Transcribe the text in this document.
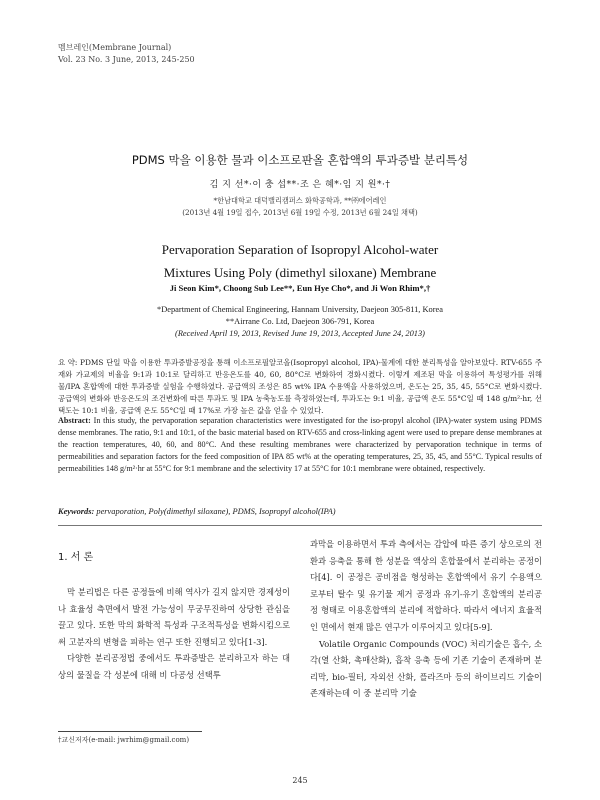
멤브레인(Membrane Journal)
Vol. 23 No. 3 June, 2013, 245-250
PDMS 막을 이용한 물과 이소프로판올 혼합액의 투과증발 분리특성
김 지 선*·이 충 섭**·조 은 혜*·임 지 원*·†
*한남대학교 대덕밸리캠퍼스 화학공학과, **㈜에어레인
(2013년 4월 19일 접수, 2013년 6월 19일 수정, 2013년 6월 24일 채택)
Pervaporation Separation of Isopropyl Alcohol-water
Mixtures Using Poly (dimethyl siloxane) Membrane
Ji Seon Kim*, Choong Sub Lee**, Eun Hye Cho*, and Ji Won Rhim*,†
*Department of Chemical Engineering, Hannam University, Daejeon 305-811, Korea
**Airrane Co. Ltd, Daejeon 306-791, Korea
(Received April 19, 2013, Revised June 19, 2013, Accepted June 24, 2013)
요 약: PDMS 단일 막을 이용한 투과증발공정을 통해 이소프로필알코올(Isopropyl alcohol, IPA)-물계에 대한 분리특성을 알아보았다. RTV-655 주재와 가교제의 비율을 9:1과 10:1로 달리하고 반응온도를 40, 60, 80°C로 변화하여 경화시켰다. 이렇게 제조된 막을 이용하여 특성평가를 위해 물/IPA 혼합액에 대한 투과증발 실험을 수행하였다. 공급액의 조성은 85 wt% IPA 수용액을 사용하였으며, 온도는 25, 35, 45, 55°C로 변화시켰다. 공급액의 변화와 반응온도의 조건변화에 따른 투과도 및 IPA 농축농도를 측정하였는데, 투과도는 9:1 비율, 공급액 온도 55°C일 때 148 g/m²·hr, 선택도는 10:1 비율, 공급액 온도 55°C일 때 17%로 가장 높은 값을 얻을 수 있었다.
Abstract: In this study, the pervaporation separation characteristics were investigated for the iso-propyl alcohol (IPA)-water system using PDMS dense membranes. The ratio, 9:1 and 10:1, of the basic material based on RTV-655 and cross-linking agent were used to prepare dense membranes at the reaction temperatures, 40, 60, and 80°C. And these resulting membranes were characterized by pervaporation technique in terms of permeabilities and separation factors for the feed composition of IPA 85 wt% at the operating temperatures, 25, 35, 45, and 55°C. Typical results of permeabilities 148 g/m²·hr at 55°C for 9:1 membrane and the selectivity 17 at 55°C for 10:1 membrane were obtained, respectively.
Keywords: pervaporation, Poly(dimethyl siloxane), PDMS, Isopropyl alcohol(IPA)
1. 서 론
막 분리법은 다른 공정들에 비해 역사가 길지 않지만 경제성이나 효율성 측면에서 발전 가능성이 무궁무진하여 상당한 관심을 끌고 있다. 또한 막의 화학적 특성과 구조적특성을 변화시킴으로써 고분자의 변형을 피하는 연구 또한 진행되고 있다[1-3].
다양한 분리공정법 중에서도 투과증발은 분리하고자 하는 대상의 물질을 각 성분에 대해 비 다공성 선택투
과막을 이용하면서 투과 측에서는 감압에 따른 증기 상으로의 전환과 응축을 통해 한 성분을 액상의 혼합물에서 분리하는 공정이다[4]. 이 공정은 공비점을 형성하는 혼합액에서 유기 수용액으로부터 탈수 및 유기물 제거 공정과 유기-유기 혼합액의 분리공정 형태로 이용혼합액의 분리에 적합하다. 따라서 에너지 효율적인 면에서 현재 많은 연구가 이루어지고 있다[5-9].
Volatile Organic Compounds (VOC) 처리기술은 흡수, 소각(열 산화, 촉매산화), 흡착 응축 등에 기존 기술이 존재하며 분리막, bio-필터, 자외선 산화, 플라즈마 등의 하이브리드 기술이 존재하는데 이 중 분리막 기술
†교신저자(e-mail: jwrhim@gmail.com)
245
